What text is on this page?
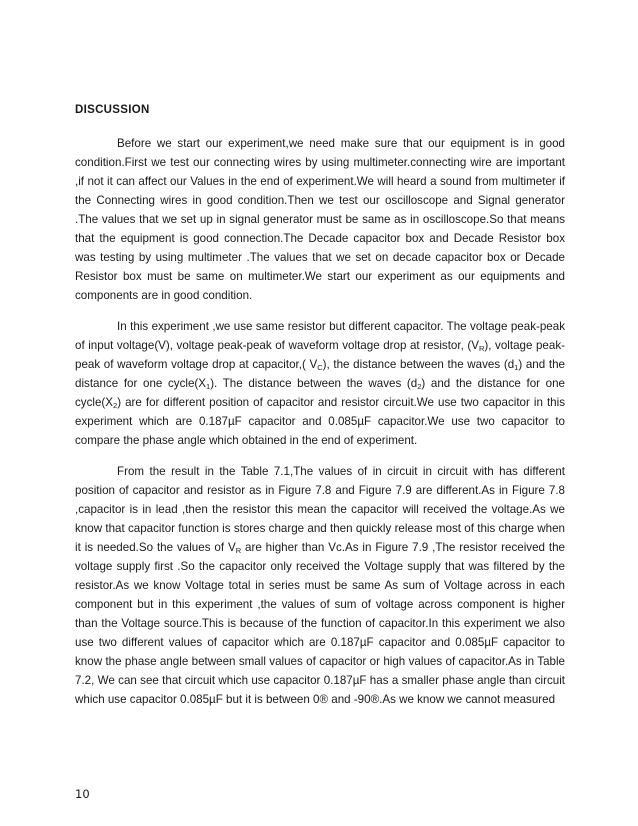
DISCUSSION

Before we start our experiment,we need make sure that our equipment is in good condition.First we test our connecting wires by using multimeter.connecting wire are important ,if not it can affect our Values in the end of experiment.We will heard a sound from multimeter if the Connecting wires in good condition.Then we test our oscilloscope and Signal generator .The values that we set up in signal generator must be same as in oscilloscope.So that means that the equipment is good connection.The Decade capacitor box and Decade Resistor box was testing by using multimeter .The values that we set on decade capacitor box or Decade Resistor box must be same on multimeter.We start our experiment as our equipments and components are in good condition.

In this experiment ,we use same resistor but different capacitor. The voltage peak-peak of input voltage(V), voltage peak-peak of waveform voltage drop at resistor, $(V_R)$, voltage peak-peak of waveform voltage drop at capacitor,( $V_C$), the distance between the waves $(d_1)$ and the distance for one $cycle(X_1)$. The distance between the waves $(d_2)$ and the distance for one $cycle(X_2)$ are for different position of capacitor and resistor circuit.We use two capacitor in this experiment which are 0.187µF capacitor and 0.085µF capacitor.We use two capacitor to compare the phase angle which obtained in the end of experiment.

From the result in the Table 7.1,The values of in circuit in circuit with has different position of capacitor and resistor as in Figure 7.8 and Figure 7.9 are different.As in Figure 7.8 ,capacitor is in lead ,then the resistor this mean the capacitor will received the voltage.As we know that capacitor function is stores charge and then quickly release most of this charge when it is needed.So the values of $V_R$ are higher than Vc.As in Figure 7.9 ,The resistor received the voltage supply first .So the capacitor only received the Voltage supply that was filtered by the resistor.As we know Voltage total in series must be same As sum of Voltage across in each component but in this experiment ,the values of sum of voltage across component is higher than the Voltage source.This is because of the function of capacitor.In this experiment we also use two different values of capacitor which are 0.187µF capacitor and 0.085µF capacitor to know the phase angle between small values of capacitor or high values of capacitor.As in Table 7.2, We can see that circuit which use capacitor 0.187µF has a smaller phase angle than circuit which use capacitor 0.085µF but it is between 0® and -90®.As we know we cannot measured

10
